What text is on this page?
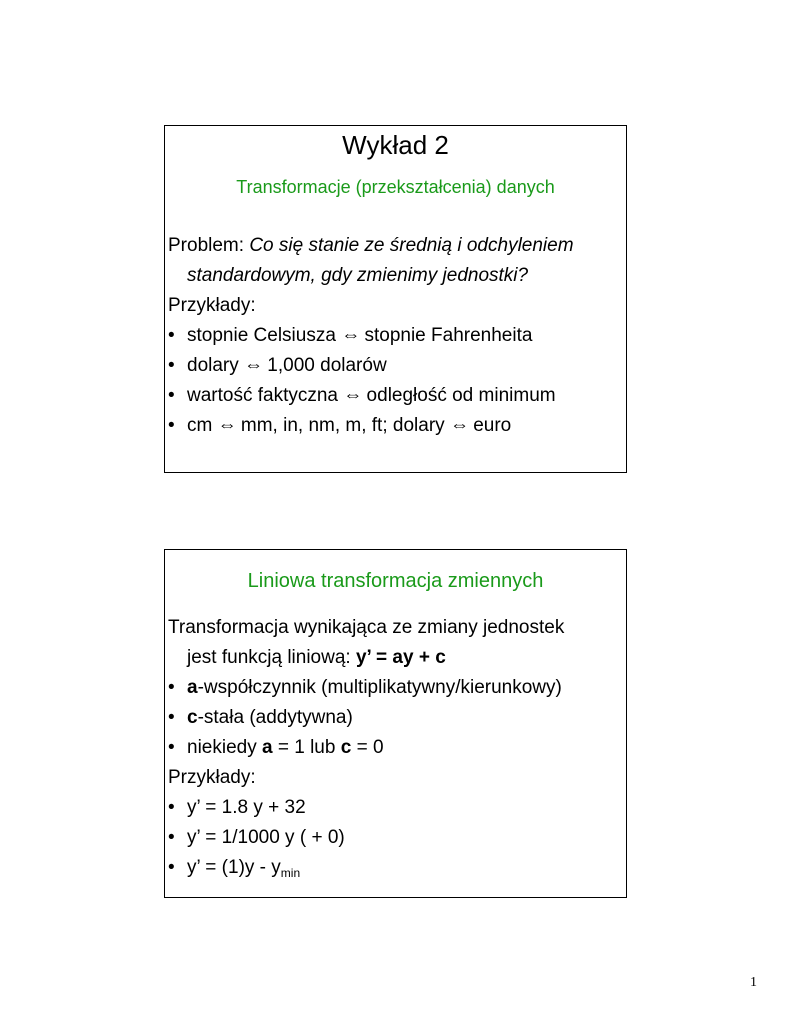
Wykład 2
Transformacje (przekształcenia) danych
Problem: Co się stanie ze średnią i odchyleniem
standardowym, gdy zmienimy jednostki?
Przykłady:
• stopnie Celsiusza ⇔ stopnie Fahrenheita
• dolary ⇔ 1,000 dolarów
• wartość faktyczna ⇔ odległość od minimum
• cm ⇔ mm, in, nm, m, ft; dolary ⇔ euro
Liniowa transformacja zmiennych
Transformacja wynikająca ze zmiany jednostek
jest funkcją liniową: y’ = ay + c
• a-współczynnik (multiplikatywny/kierunkowy)
• c-stała (addytywna)
• niekiedy a = 1 lub c = 0
Przykłady:
• y’ = 1.8 y + 32
• y’ = 1/1000 y ( + 0)
• y’ = $(1)y - y_{min}$
1
